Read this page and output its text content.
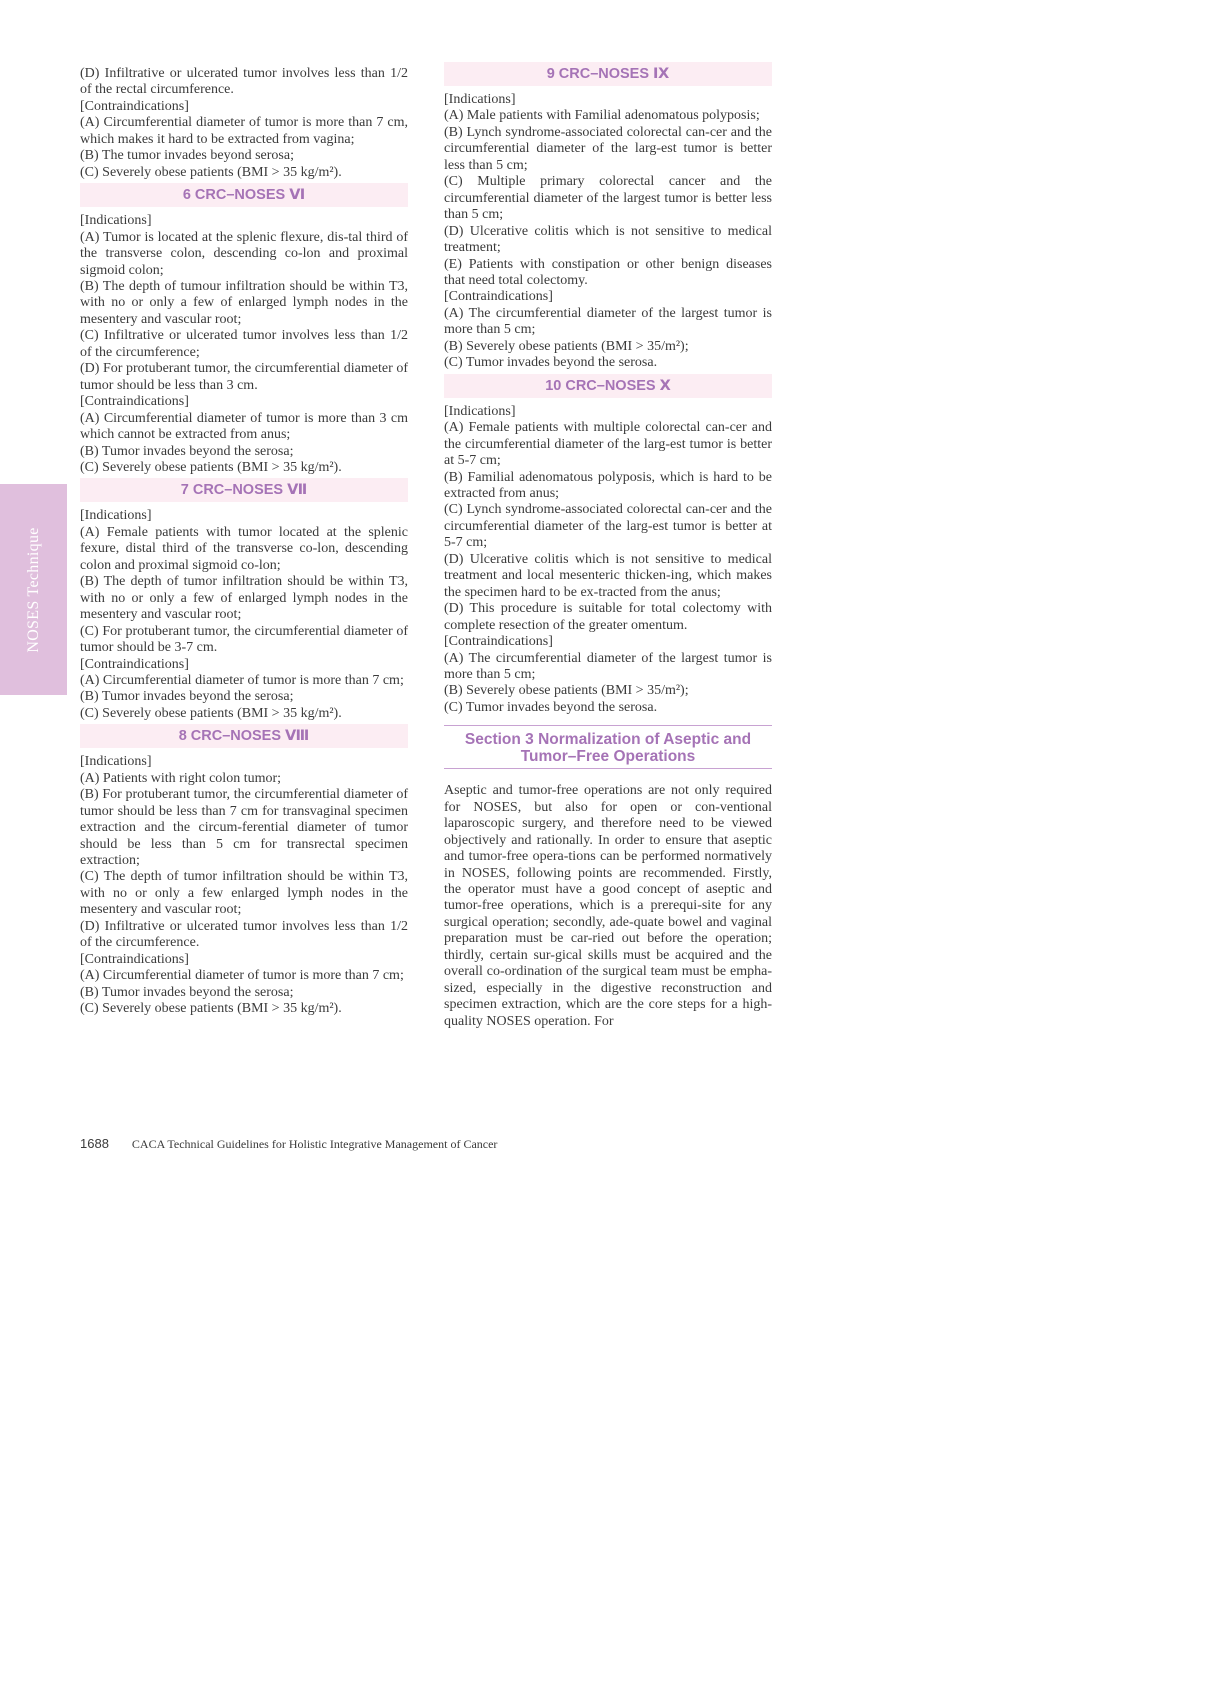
NOSES Technique

(D) Infiltrative or ulcerated tumor involves less than 1/2 of the rectal circumference.

[Contraindications]

(A) Circumferential diameter of tumor is more than 7 cm, which makes it hard to be extracted from vagina;

(B) The tumor invades beyond serosa;

(C) Severely obese patients (BMI > 35 kg/m²).

6 CRC–NOSES Ⅵ

[Indications]

(A) Tumor is located at the splenic flexure, dis-tal third of the transverse colon, descending co-lon and proximal sigmoid colon;

(B) The depth of tumour infiltration should be within T3, with no or only a few of enlarged lymph nodes in the mesentery and vascular root;

(C) Infiltrative or ulcerated tumor involves less than 1/2 of the circumference;

(D) For protuberant tumor, the circumferential diameter of tumor should be less than 3 cm.

[Contraindications]

(A) Circumferential diameter of tumor is more than 3 cm which cannot be extracted from anus;

(B) Tumor invades beyond the serosa;

(C) Severely obese patients (BMI > 35 kg/m²).

7 CRC–NOSES Ⅶ

[Indications]

(A) Female patients with tumor located at the splenic fexure, distal third of the transverse co-lon, descending colon and proximal sigmoid co-lon;

(B) The depth of tumor infiltration should be within T3, with no or only a few of enlarged lymph nodes in the mesentery and vascular root;

(C) For protuberant tumor, the circumferential diameter of tumor should be 3-7 cm.

[Contraindications]

(A) Circumferential diameter of tumor is more than 7 cm;

(B) Tumor invades beyond the serosa;

(C) Severely obese patients (BMI > 35 kg/m²).

8 CRC–NOSES Ⅷ

[Indications]

(A) Patients with right colon tumor;

(B) For protuberant tumor, the circumferential diameter of tumor should be less than 7 cm for transvaginal specimen extraction and the circum-ferential diameter of tumor should be less than 5 cm for transrectal specimen extraction;

(C) The depth of tumor infiltration should be within T3, with no or only a few enlarged lymph nodes in the mesentery and vascular root;

(D) Infiltrative or ulcerated tumor involves less than 1/2 of the circumference.

[Contraindications]

(A) Circumferential diameter of tumor is more than 7 cm;

(B) Tumor invades beyond the serosa;

(C) Severely obese patients (BMI > 35 kg/m²).

9 CRC–NOSES Ⅸ

[Indications]

(A) Male patients with Familial adenomatous polyposis;

(B) Lynch syndrome-associated colorectal can-cer and the circumferential diameter of the larg-est tumor is better less than 5 cm;

(C) Multiple primary colorectal cancer and the circumferential diameter of the largest tumor is better less than 5 cm;

(D) Ulcerative colitis which is not sensitive to medical treatment;

(E) Patients with constipation or other benign diseases that need total colectomy.

[Contraindications]

(A) The circumferential diameter of the largest tumor is more than 5 cm;

(B) Severely obese patients (BMI > 35/m²);

(C) Tumor invades beyond the serosa.

10 CRC–NOSES Ⅹ

[Indications]

(A) Female patients with multiple colorectal can-cer and the circumferential diameter of the larg-est tumor is better at 5-7 cm;

(B) Familial adenomatous polyposis, which is hard to be extracted from anus;

(C) Lynch syndrome-associated colorectal can-cer and the circumferential diameter of the larg-est tumor is better at 5-7 cm;

(D) Ulcerative colitis which is not sensitive to medical treatment and local mesenteric thicken-ing, which makes the specimen hard to be ex-tracted from the anus;

(D) This procedure is suitable for total colectomy with complete resection of the greater omentum.

[Contraindications]

(A) The circumferential diameter of the largest tumor is more than 5 cm;

(B) Severely obese patients (BMI > 35/m²);

(C) Tumor invades beyond the serosa.

Section 3 Normalization of Aseptic and
Tumor–Free Operations

Aseptic and tumor-free operations are not only required for NOSES, but also for open or con-ventional laparoscopic surgery, and therefore need to be viewed objectively and rationally. In order to ensure that aseptic and tumor-free opera-tions can be performed normatively in NOSES, following points are recommended. Firstly, the operator must have a good concept of aseptic and tumor-free operations, which is a prerequi-site for any surgical operation; secondly, ade-quate bowel and vaginal preparation must be car-ried out before the operation; thirdly, certain sur-gical skills must be acquired and the overall co-ordination of the surgical team must be empha-sized, especially in the digestive reconstruction and specimen extraction, which are the core steps for a high-quality NOSES operation. For

1688 CACA Technical Guidelines for Holistic Integrative Management of Cancer
